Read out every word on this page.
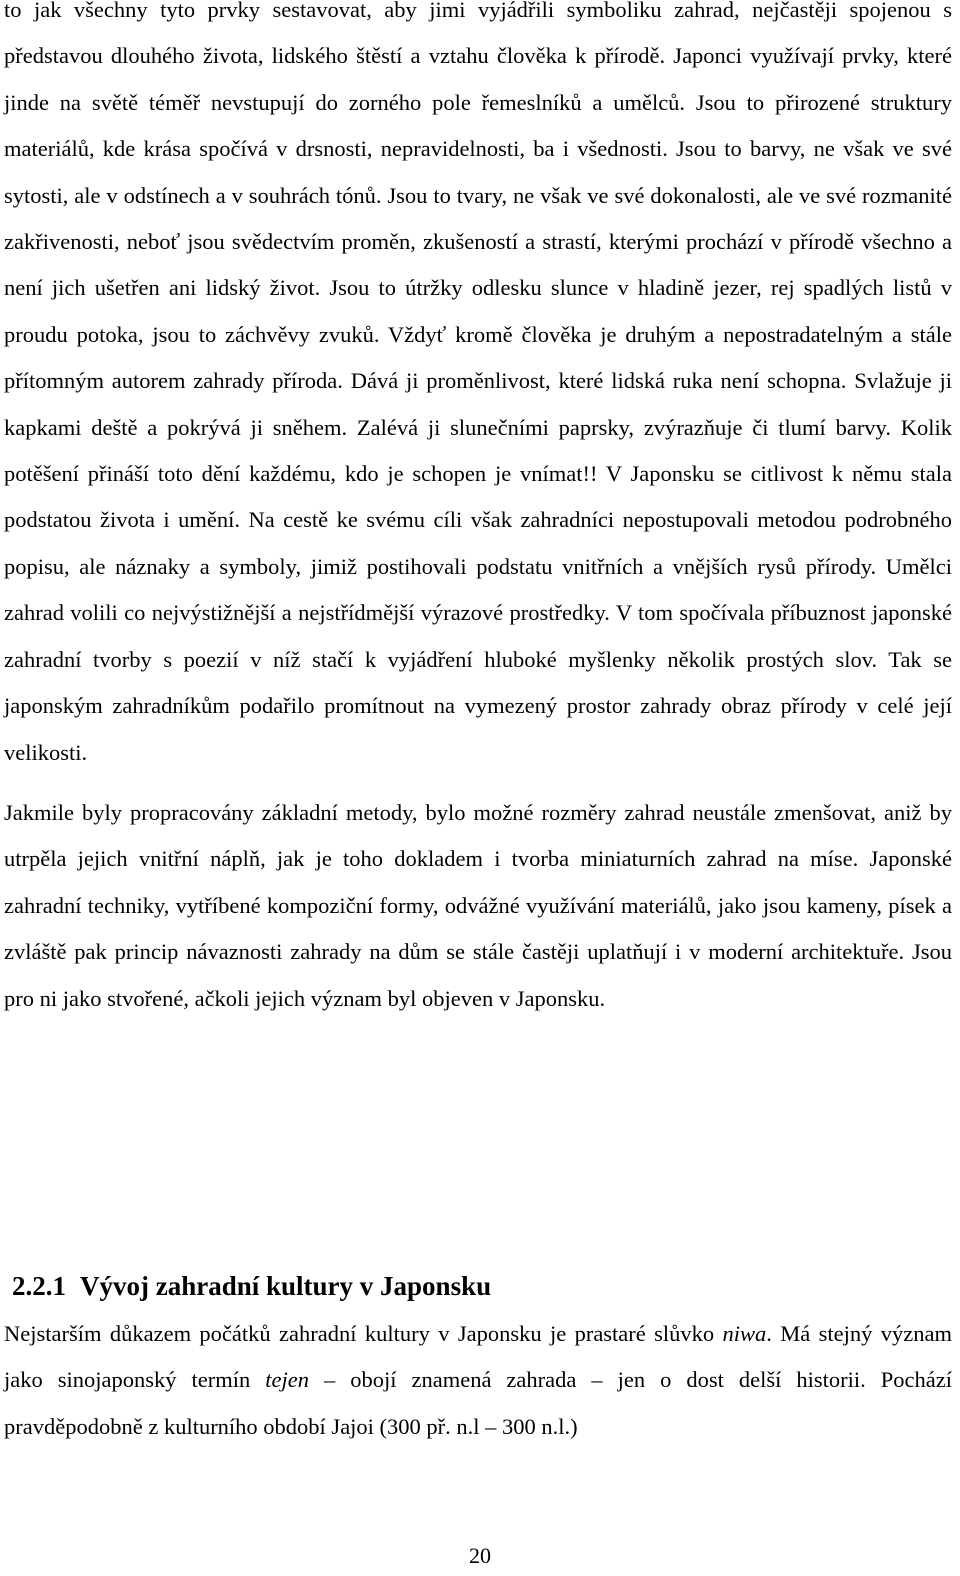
to jak všechny tyto prvky sestavovat, aby jimi vyjádřili symboliku zahrad, nejčastěji spojenou s představou dlouhého života, lidského štěstí a vztahu člověka k přírodě. Japonci využívají prvky, které jinde na světě téměř nevstupují do zorného pole řemeslníků a umělců. Jsou to přirozené struktury materiálů, kde krása spočívá v drsnosti, nepravidelnosti, ba i všednosti. Jsou to barvy, ne však ve své sytosti, ale v odstínech a v souhrách tónů. Jsou to tvary, ne však ve své dokonalosti, ale ve své rozmanité zakřivenosti, neboť jsou svědectvím proměn, zkušeností a strastí, kterými prochází v přírodě všechno a není jich ušetřen ani lidský život. Jsou to útržky odlesku slunce v hladině jezer, rej spadlých listů v proudu potoka, jsou to záchvěvy zvuků. Vždyť kromě člověka je druhým a nepostradatelným a stále přítomným autorem zahrady příroda. Dává ji proměnlivost, které lidská ruka není schopna. Svlažuje ji kapkami deště a pokrývá ji sněhem. Zalévá ji slunečními paprsky, zvýrazňuje či tlumí barvy. Kolik potěšení přináší toto dění každému, kdo je schopen je vnímat!! V Japonsku se citlivost k němu stala podstatou života i umění. Na cestě ke svému cíli však zahradníci nepostupovali metodou podrobného popisu, ale náznaky a symboly, jimiž postihovali podstatu vnitřních a vnějších rysů přírody. Umělci zahrad volili co nejvýstižnější a nejstřídmější výrazové prostředky. V tom spočívala příbuznost japonské zahradní tvorby s poezií v níž stačí k vyjádření hluboké myšlenky několik prostých slov. Tak se japonským zahradníkům podařilo promítnout na vymezený prostor zahrady obraz přírody v celé její velikosti.

Jakmile byly propracovány základní metody, bylo možné rozměry zahrad neustále zmenšovat, aniž by utrpěla jejich vnitřní náplň, jak je toho dokladem i tvorba miniaturních zahrad na míse. Japonské zahradní techniky, vytříbené kompoziční formy, odvážné využívání materiálů, jako jsou kameny, písek a zvláště pak princip návaznosti zahrady na dům se stále častěji uplatňují i v moderní architektuře. Jsou pro ni jako stvořené, ačkoli jejich význam byl objeven v Japonsku.

2.2.1 Vývoj zahradní kultury v Japonsku

Nejstarším důkazem počátků zahradní kultury v Japonsku je prastaré slůvko niwa. Má stejný význam jako sinojaponský termín tejen – obojí znamená zahrada – jen o dost delší historii. Pochází pravděpodobně z kulturního období Jajoi (300 př. n.l – 300 n.l.)

20
